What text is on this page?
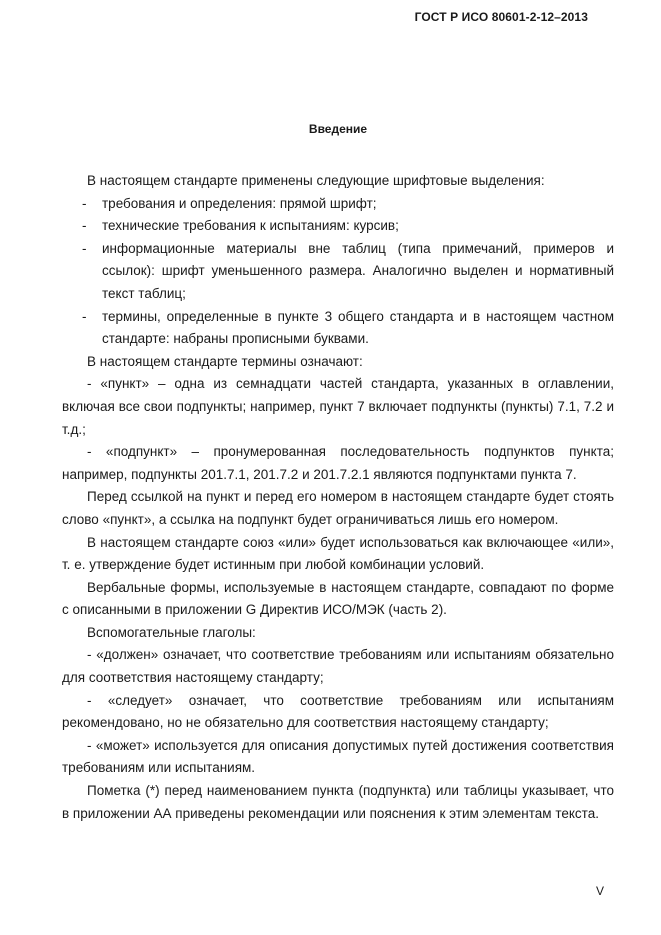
ГОСТ Р ИСО 80601-2-12–2013
Введение

В настоящем стандарте применены следующие шрифтовые выделения:

- требования и определения: прямой шрифт;
- технические требования к испытаниям: курсив;
- информационные материалы вне таблиц (типа примечаний, примеров и ссылок): шрифт уменьшенного размера. Аналогично выделен и нормативный текст таблиц;
- термины, определенные в пункте 3 общего стандарта и в настоящем частном стандарте: набраны прописными буквами.

В настоящем стандарте термины означают:

- «пункт» – одна из семнадцати частей стандарта, указанных в оглавлении, включая все свои подпункты; например, пункт 7 включает подпункты (пункты) 7.1, 7.2 и т.д.;

- «подпункт» – пронумерованная последовательность подпунктов пункта; например, подпункты 201.7.1, 201.7.2 и 201.7.2.1 являются подпунктами пункта 7.

Перед ссылкой на пункт и перед его номером в настоящем стандарте будет стоять слово «пункт», а ссылка на подпункт будет ограничиваться лишь его номером.

В настоящем стандарте союз «или» будет использоваться как включающее «или», т. е. утверждение будет истинным при любой комбинации условий.

Вербальные формы, используемые в настоящем стандарте, совпадают по форме с описанными в приложении G Директив ИСО/МЭК (часть 2).

Вспомогательные глаголы:

- «должен» означает, что соответствие требованиям или испытаниям обязательно для соответствия настоящему стандарту;

- «следует» означает, что соответствие требованиям или испытаниям рекомендовано, но не обязательно для соответствия настоящему стандарту;

- «может» используется для описания допустимых путей достижения соответствия требованиям или испытаниям.

Пометка (*) перед наименованием пункта (подпункта) или таблицы указывает, что в приложении АА приведены рекомендации или пояснения к этим элементам текста.

V
